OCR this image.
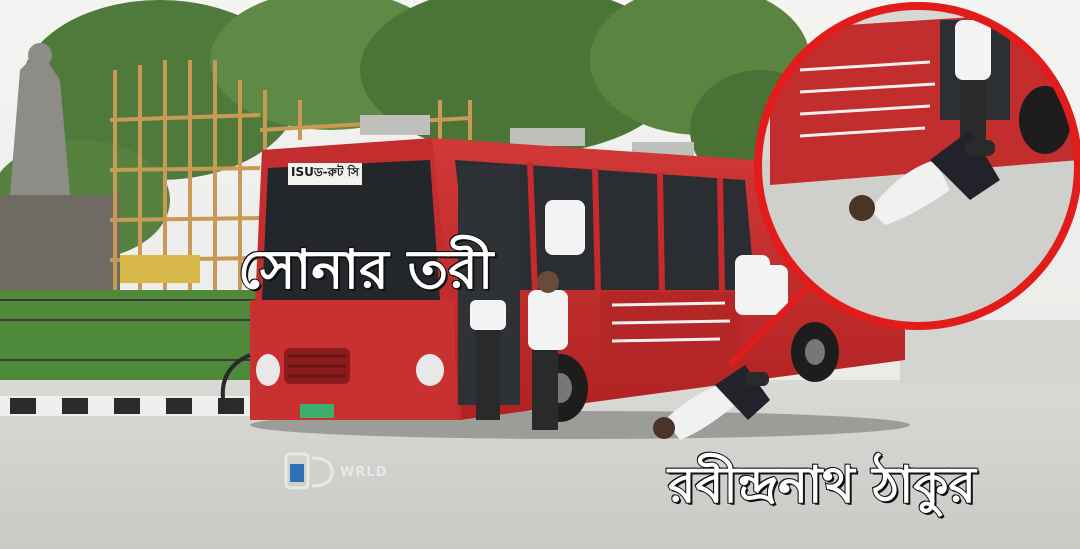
ISUড-রুট সি
সোনার তরী
রবীন্দ্রনাথ ঠাকুর
WRLD
